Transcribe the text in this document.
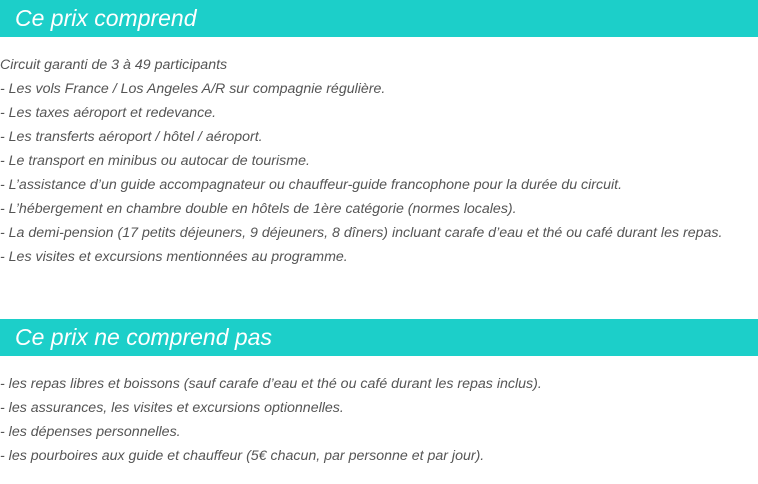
Ce prix comprend
Circuit garanti de 3 à 49 participants
- Les vols France / Los Angeles A/R sur compagnie régulière.
- Les taxes aéroport et redevance.
- Les transferts aéroport / hôtel / aéroport.
- Le transport en minibus ou autocar de tourisme.
- L’assistance d’un guide accompagnateur ou chauffeur-guide francophone pour la durée du circuit.
- L’hébergement en chambre double en hôtels de 1ère catégorie (normes locales).
- La demi-pension (17 petits déjeuners, 9 déjeuners, 8 dîners) incluant carafe d’eau et thé ou café durant les repas.
- Les visites et excursions mentionnées au programme.
Ce prix ne comprend pas
- les repas libres et boissons (sauf carafe d’eau et thé ou café durant les repas inclus).
- les assurances, les visites et excursions optionnelles.
- les dépenses personnelles.
- les pourboires aux guide et chauffeur (5€ chacun, par personne et par jour).
